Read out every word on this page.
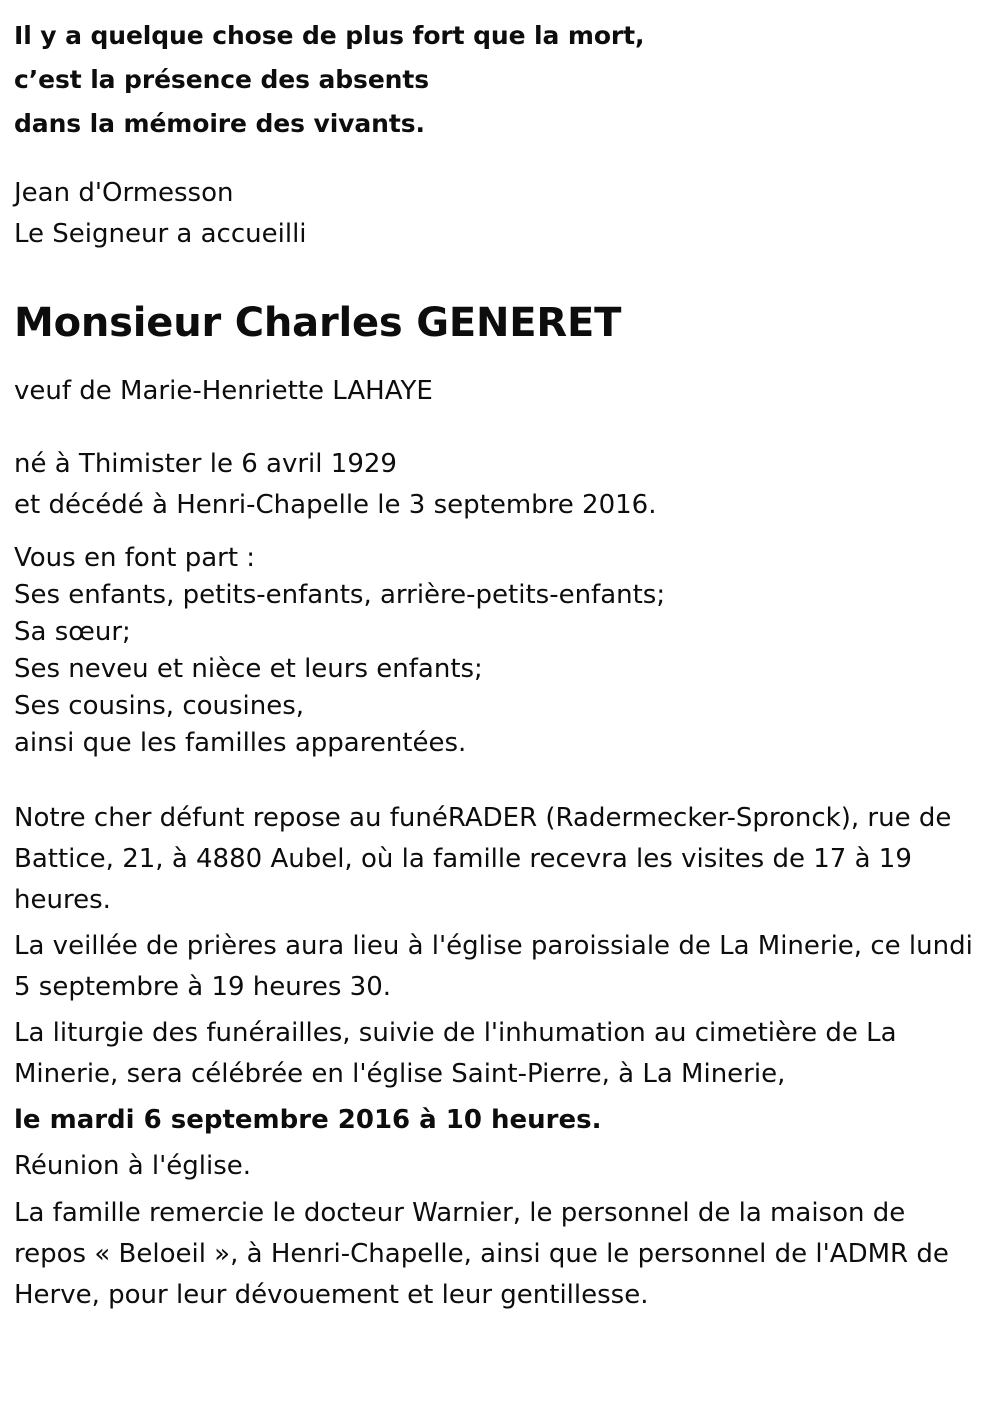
Il y a quelque chose de plus fort que la mort,
c’est la présence des absents
dans la mémoire des vivants.

Jean d'Ormesson

Le Seigneur a accueilli

Monsieur Charles GENERET

veuf de Marie-Henriette LAHAYE

né à Thimister le 6 avril 1929

et décédé à Henri-Chapelle le 3 septembre 2016.

Vous en font part :

Ses enfants, petits-enfants, arrière-petits-enfants;

Sa sœur;

Ses neveu et nièce et leurs enfants;

Ses cousins, cousines,

ainsi que les familles apparentées.

Notre cher défunt repose au funéRADER (Radermecker-Spronck), rue de Battice, 21, à 4880 Aubel, où la famille recevra les visites de 17 à 19 heures.

La veillée de prières aura lieu à l'église paroissiale de La Minerie, ce lundi 5 septembre à 19 heures 30.

La liturgie des funérailles, suivie de l'inhumation au cimetière de La Minerie, sera célébrée en l'église Saint-Pierre, à La Minerie,

le mardi 6 septembre 2016 à 10 heures.

Réunion à l'église.

La famille remercie le docteur Warnier, le personnel de la maison de repos « Beloeil », à Henri-Chapelle, ainsi que le personnel de l'ADMR de Herve, pour leur dévouement et leur gentillesse.
